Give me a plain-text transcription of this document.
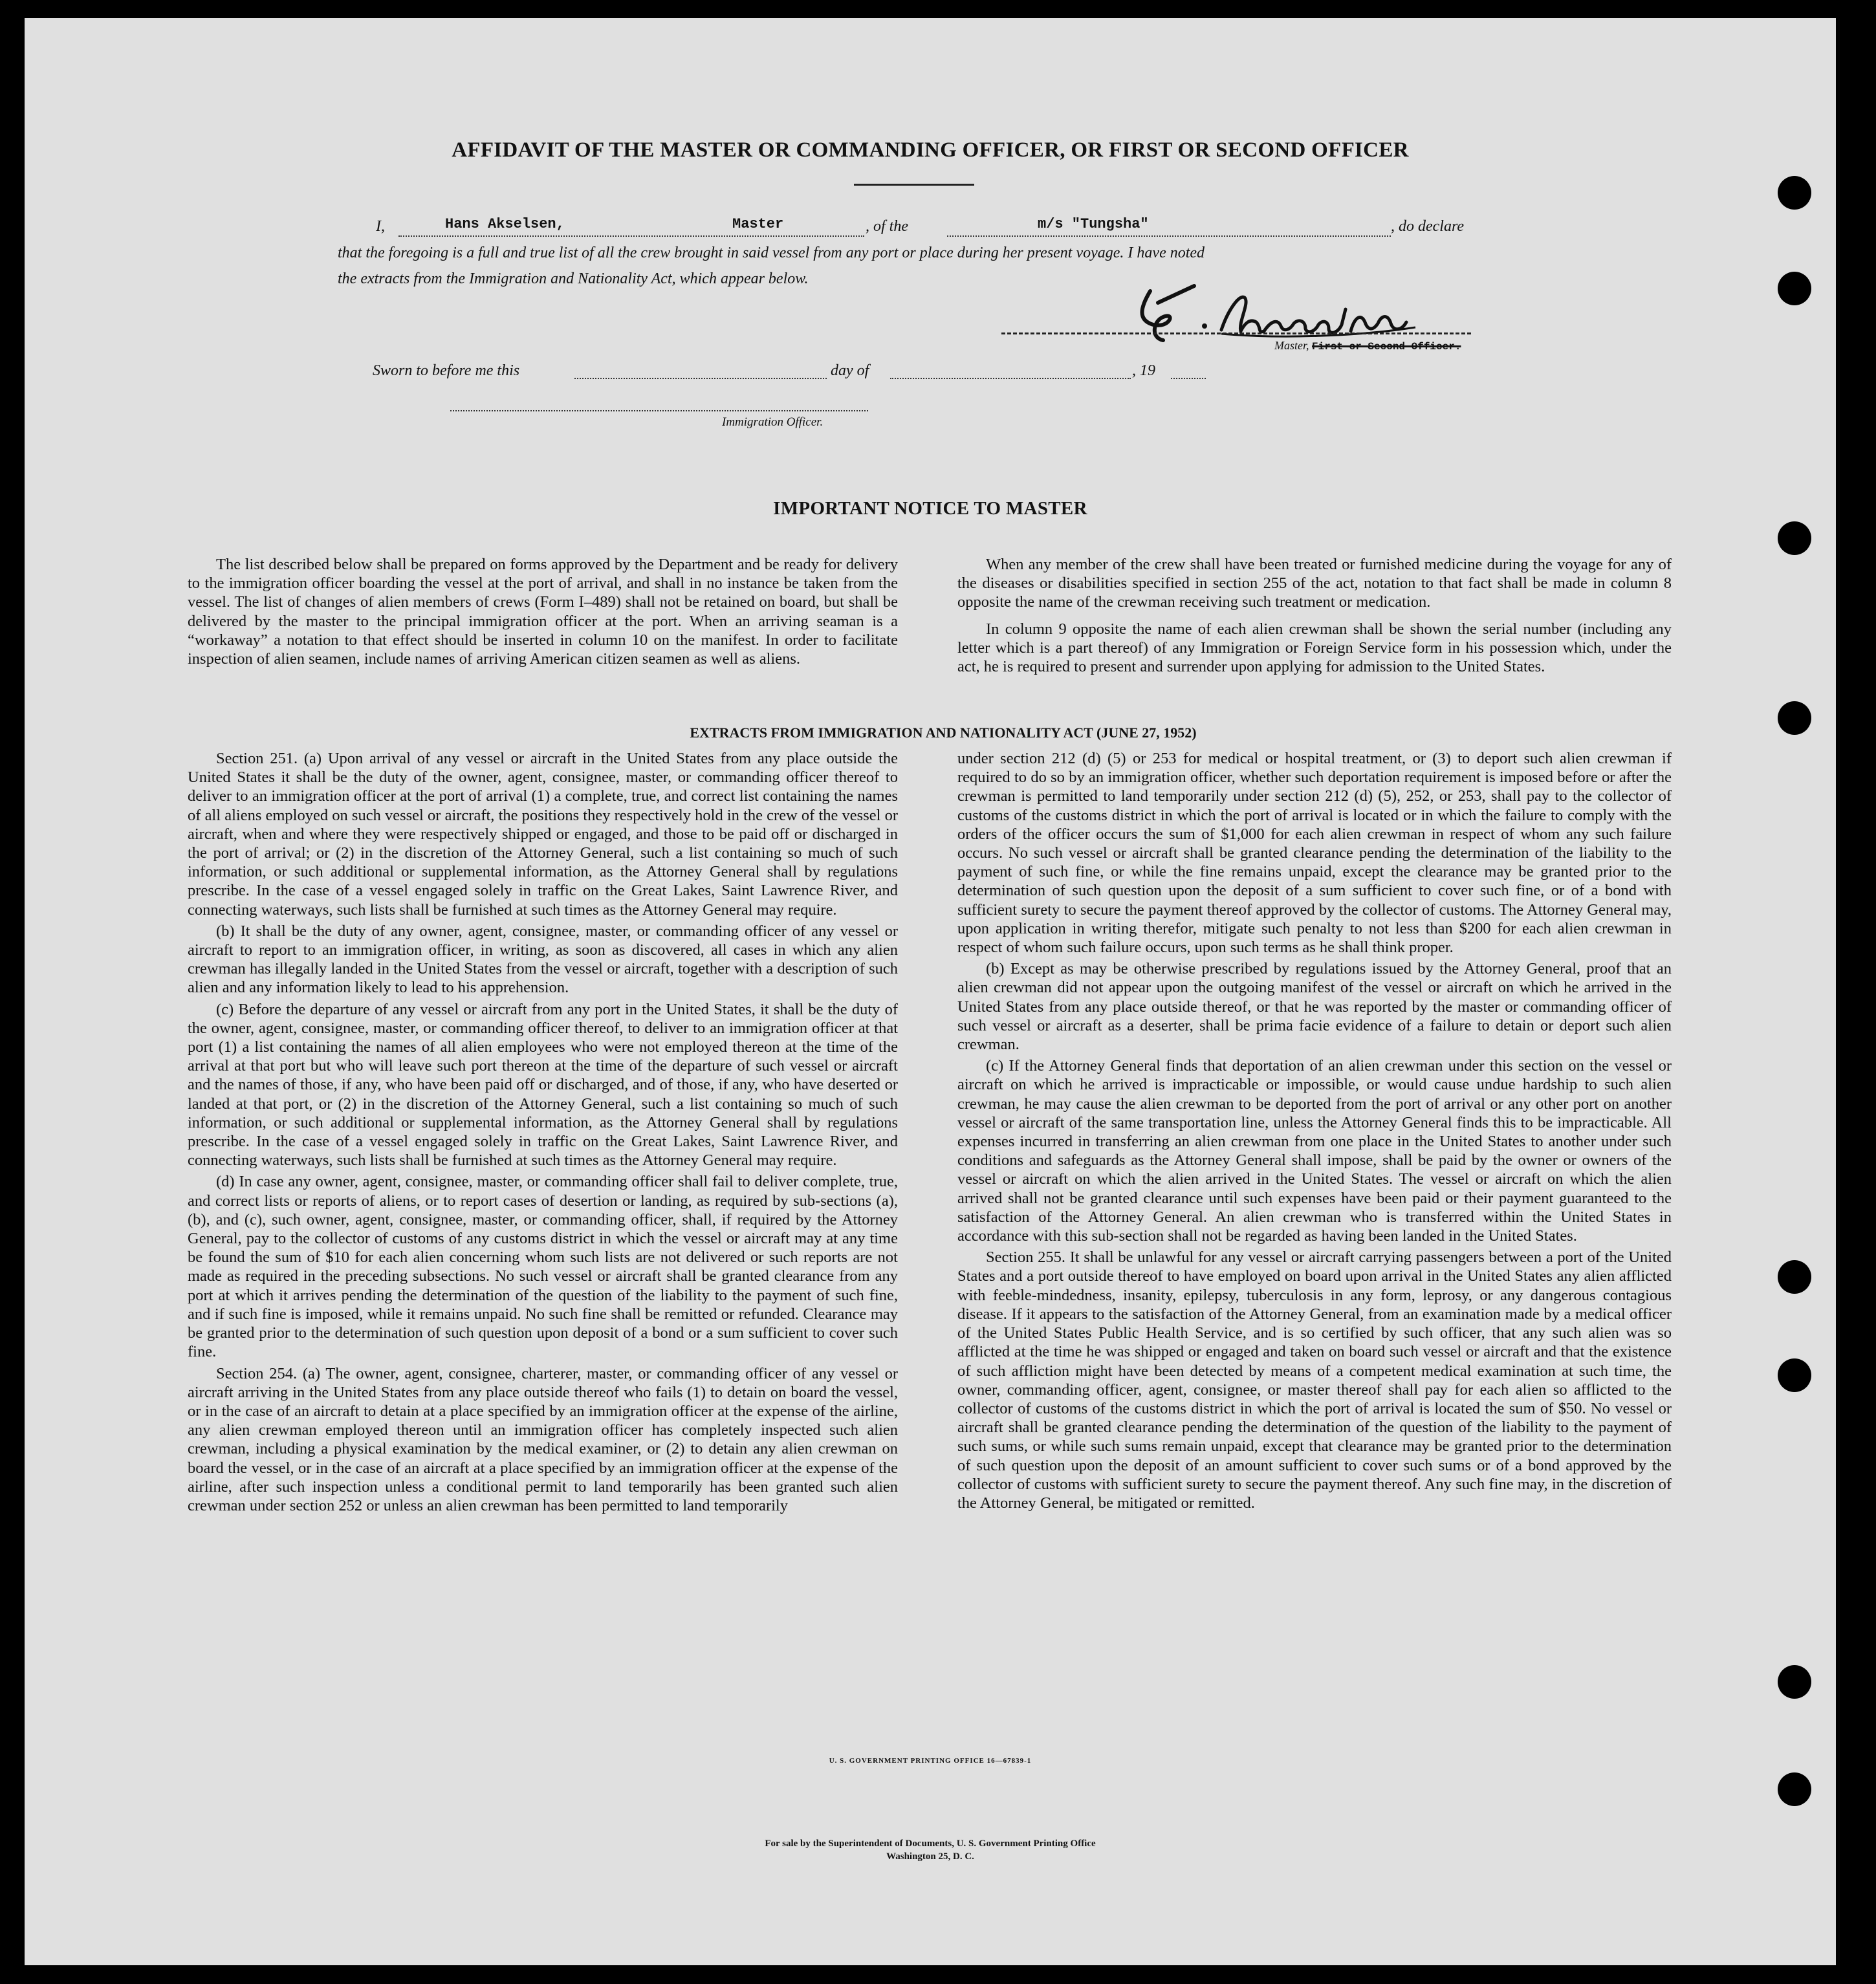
AFFIDAVIT OF THE MASTER OR COMMANDING OFFICER, OR FIRST OR SECOND OFFICER
I,	Hans Akselsen,	Master	, of the	m/s "Tungsha"	, do declare
that the foregoing is a full and true list of all the crew brought in said vessel from any port or place during her present voyage. I have noted
the extracts from the Immigration and Nationality Act, which appear below.
Master, First or Second Officer.
Sworn to before me this	day of	, 19
Immigration Officer.
IMPORTANT NOTICE TO MASTER

The list described below shall be prepared on forms approved by the Department and be ready for delivery to the immigration officer boarding the vessel at the port of arrival, and shall in no instance be taken from the vessel. The list of changes of alien members of crews (Form I–489) shall not be retained on board, but shall be delivered by the master to the principal immigration officer at the port. When an arriving seaman is a “workaway” a notation to that effect should be inserted in column 10 on the manifest. In order to facilitate inspection of alien seamen, include names of arriving American citizen seamen as well as aliens.

When any member of the crew shall have been treated or furnished medicine during the voyage for any of the diseases or disabilities specified in section 255 of the act, notation to that fact shall be made in column 8 opposite the name of the crewman receiving such treatment or medication.

In column 9 opposite the name of each alien crewman shall be shown the serial number (including any letter which is a part thereof) of any Immigration or Foreign Service form in his possession which, under the act, he is required to present and surrender upon applying for admission to the United States.

EXTRACTS FROM IMMIGRATION AND NATIONALITY ACT (JUNE 27, 1952)

Section 251. (a) Upon arrival of any vessel or aircraft in the United States from any place outside the United States it shall be the duty of the owner, agent, consignee, master, or commanding officer thereof to deliver to an immigration officer at the port of arrival (1) a complete, true, and correct list containing the names of all aliens employed on such vessel or aircraft, the positions they respectively hold in the crew of the vessel or aircraft, when and where they were respectively shipped or engaged, and those to be paid off or discharged in the port of arrival; or (2) in the discretion of the Attorney General, such a list containing so much of such information, or such additional or supplemental information, as the Attorney General shall by regulations prescribe. In the case of a vessel engaged solely in traffic on the Great Lakes, Saint Lawrence River, and connecting waterways, such lists shall be furnished at such times as the Attorney General may require.

(b) It shall be the duty of any owner, agent, consignee, master, or commanding officer of any vessel or aircraft to report to an immigration officer, in writing, as soon as discovered, all cases in which any alien crewman has illegally landed in the United States from the vessel or aircraft, together with a description of such alien and any information likely to lead to his apprehension.

(c) Before the departure of any vessel or aircraft from any port in the United States, it shall be the duty of the owner, agent, consignee, master, or commanding officer thereof, to deliver to an immigration officer at that port (1) a list containing the names of all alien employees who were not employed thereon at the time of the arrival at that port but who will leave such port thereon at the time of the departure of such vessel or aircraft and the names of those, if any, who have been paid off or discharged, and of those, if any, who have deserted or landed at that port, or (2) in the discretion of the Attorney General, such a list containing so much of such information, or such additional or supplemental information, as the Attorney General shall by regulations prescribe. In the case of a vessel engaged solely in traffic on the Great Lakes, Saint Lawrence River, and connecting waterways, such lists shall be furnished at such times as the Attorney General may require.

(d) In case any owner, agent, consignee, master, or commanding officer shall fail to deliver complete, true, and correct lists or reports of aliens, or to report cases of desertion or landing, as required by sub-sections (a), (b), and (c), such owner, agent, consignee, master, or commanding officer, shall, if required by the Attorney General, pay to the collector of customs of any customs district in which the vessel or aircraft may at any time be found the sum of $10 for each alien concerning whom such lists are not delivered or such reports are not made as required in the preceding subsections. No such vessel or aircraft shall be granted clearance from any port at which it arrives pending the determination of the question of the liability to the payment of such fine, and if such fine is imposed, while it remains unpaid. No such fine shall be remitted or refunded. Clearance may be granted prior to the determination of such question upon deposit of a bond or a sum sufficient to cover such fine.

Section 254. (a) The owner, agent, consignee, charterer, master, or commanding officer of any vessel or aircraft arriving in the United States from any place outside thereof who fails (1) to detain on board the vessel, or in the case of an aircraft to detain at a place specified by an immigration officer at the expense of the airline, any alien crewman employed thereon until an immigration officer has completely inspected such alien crewman, including a physical examination by the medical examiner, or (2) to detain any alien crewman on board the vessel, or in the case of an aircraft at a place specified by an immigration officer at the expense of the airline, after such inspection unless a conditional permit to land temporarily has been granted such alien crewman under section 252 or unless an alien crewman has been permitted to land temporarily

under section 212 (d) (5) or 253 for medical or hospital treatment, or (3) to deport such alien crewman if required to do so by an immigration officer, whether such deportation requirement is imposed before or after the crewman is permitted to land temporarily under section 212 (d) (5), 252, or 253, shall pay to the collector of customs of the customs district in which the port of arrival is located or in which the failure to comply with the orders of the officer occurs the sum of $1,000 for each alien crewman in respect of whom any such failure occurs. No such vessel or aircraft shall be granted clearance pending the determination of the liability to the payment of such fine, or while the fine remains unpaid, except the clearance may be granted prior to the determination of such question upon the deposit of a sum sufficient to cover such fine, or of a bond with sufficient surety to secure the payment thereof approved by the collector of customs. The Attorney General may, upon application in writing therefor, mitigate such penalty to not less than $200 for each alien crewman in respect of whom such failure occurs, upon such terms as he shall think proper.

(b) Except as may be otherwise prescribed by regulations issued by the Attorney General, proof that an alien crewman did not appear upon the outgoing manifest of the vessel or aircraft on which he arrived in the United States from any place outside thereof, or that he was reported by the master or commanding officer of such vessel or aircraft as a deserter, shall be prima facie evidence of a failure to detain or deport such alien crewman.

(c) If the Attorney General finds that deportation of an alien crewman under this section on the vessel or aircraft on which he arrived is impracticable or impossible, or would cause undue hardship to such alien crewman, he may cause the alien crewman to be deported from the port of arrival or any other port on another vessel or aircraft of the same transportation line, unless the Attorney General finds this to be impracticable. All expenses incurred in transferring an alien crewman from one place in the United States to another under such conditions and safeguards as the Attorney General shall impose, shall be paid by the owner or owners of the vessel or aircraft on which the alien arrived in the United States. The vessel or aircraft on which the alien arrived shall not be granted clearance until such expenses have been paid or their payment guaranteed to the satisfaction of the Attorney General. An alien crewman who is transferred within the United States in accordance with this sub-section shall not be regarded as having been landed in the United States.

Section 255. It shall be unlawful for any vessel or aircraft carrying passengers between a port of the United States and a port outside thereof to have employed on board upon arrival in the United States any alien afflicted with feeble-mindedness, insanity, epilepsy, tuberculosis in any form, leprosy, or any dangerous contagious disease. If it appears to the satisfaction of the Attorney General, from an examination made by a medical officer of the United States Public Health Service, and is so certified by such officer, that any such alien was so afflicted at the time he was shipped or engaged and taken on board such vessel or aircraft and that the existence of such affliction might have been detected by means of a competent medical examination at such time, the owner, commanding officer, agent, consignee, or master thereof shall pay for each alien so afflicted to the collector of customs of the customs district in which the port of arrival is located the sum of $50. No vessel or aircraft shall be granted clearance pending the determination of the question of the liability to the payment of such sums, or while such sums remain unpaid, except that clearance may be granted prior to the determination of such question upon the deposit of an amount sufficient to cover such sums or of a bond approved by the collector of customs with sufficient surety to secure the payment thereof. Any such fine may, in the discretion of the Attorney General, be mitigated or remitted.

U. S. GOVERNMENT PRINTING OFFICE 16—67839-1
For sale by the Superintendent of Documents, U. S. Government Printing Office
Washington 25, D. C.
